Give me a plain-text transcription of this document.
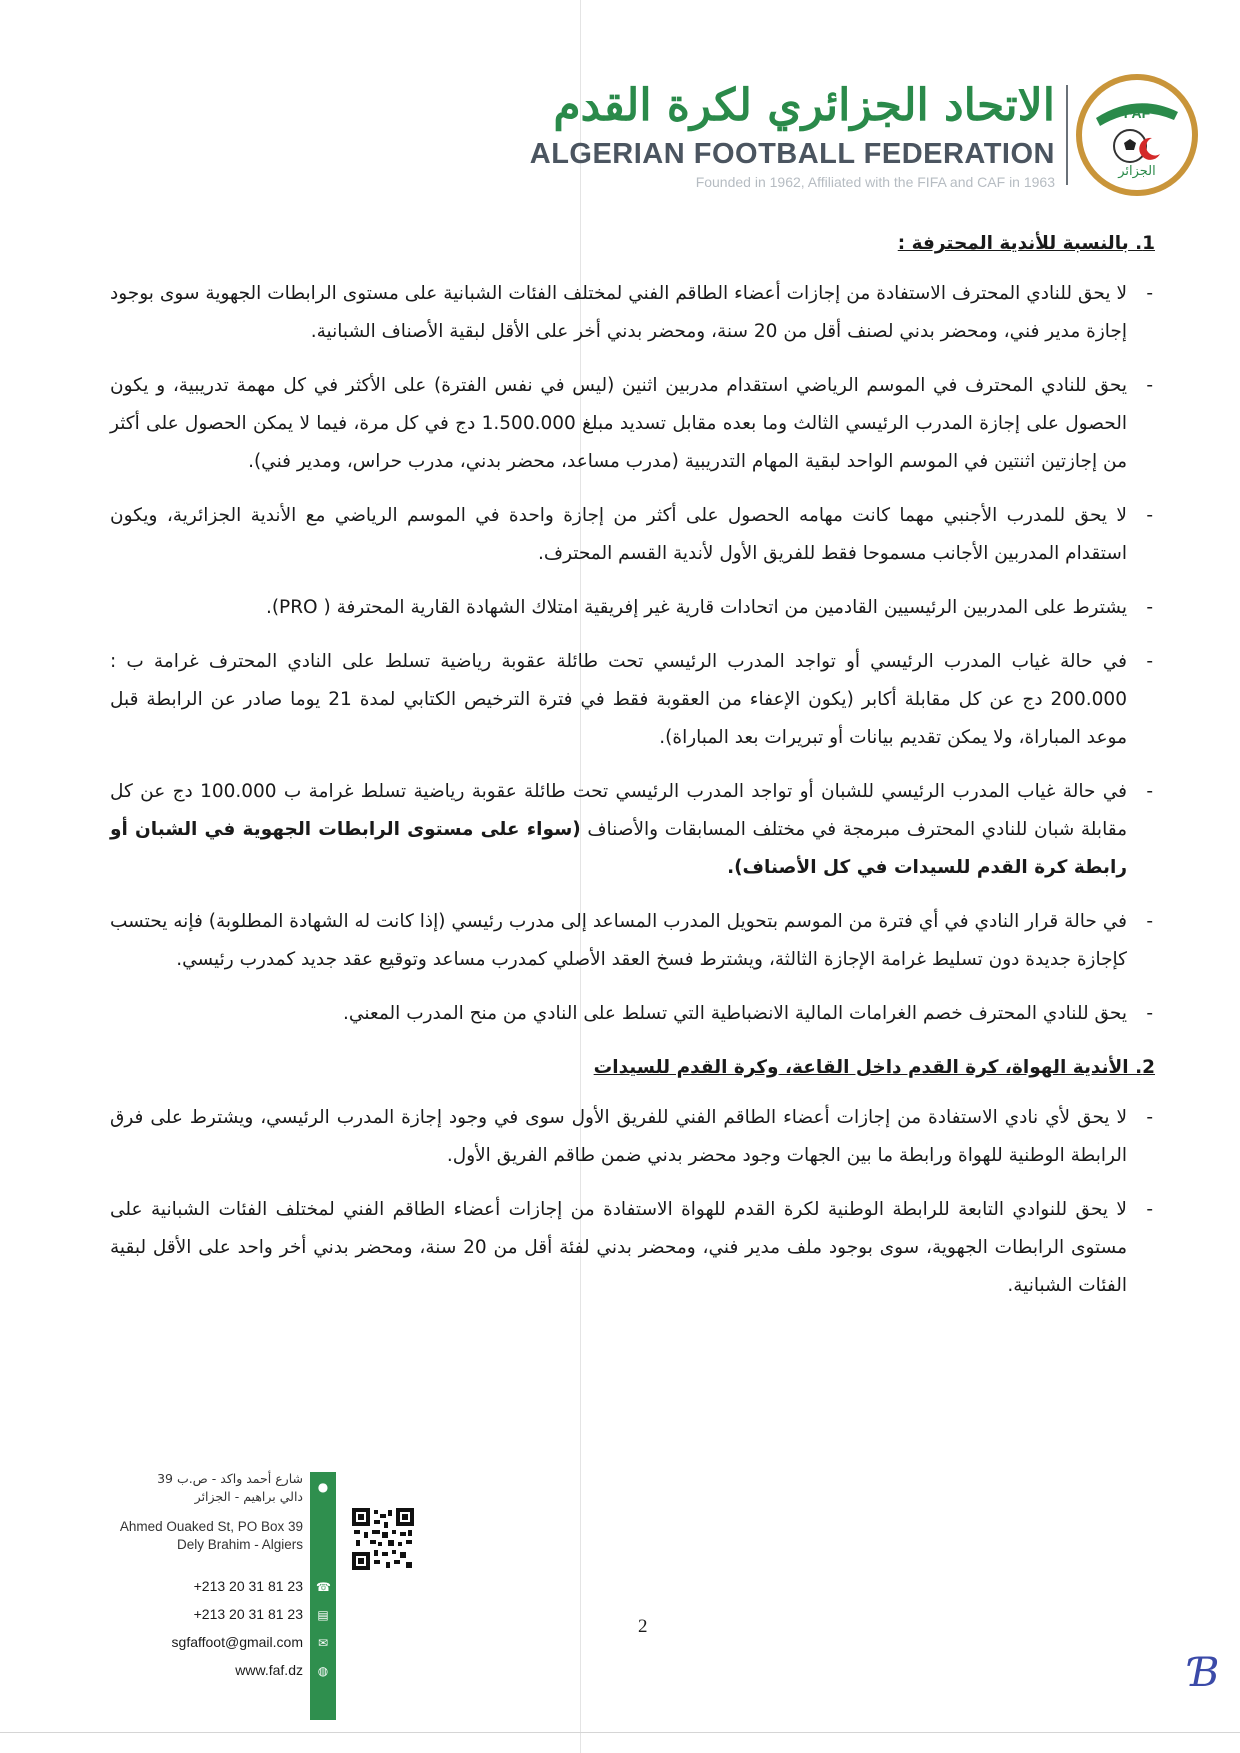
الاتحاد الجزائري لكرة القدم
ALGERIAN FOOTBALL FEDERATION
Founded in 1962, Affiliated with the FIFA and CAF in 1963
FAF
الجزائر
1. بالنسبة للأندية المحترفة :
-
لا يحق للنادي المحترف الاستفادة من إجازات أعضاء الطاقم الفني لمختلف الفئات الشبانية على مستوى الرابطات الجهوية سوى بوجود إجازة مدير فني، ومحضر بدني لصنف أقل من 20 سنة، ومحضر بدني أخر على الأقل لبقية الأصناف الشبانية.
-
يحق للنادي المحترف في الموسم الرياضي استقدام مدربين اثنين (ليس في نفس الفترة) على الأكثر في كل مهمة تدريبية، و يكون الحصول على إجازة المدرب الرئيسي الثالث وما بعده مقابل تسديد مبلغ 1.500.000 دج في كل مرة، فيما لا يمكن الحصول على أكثر من إجازتين اثنتين في الموسم الواحد لبقية المهام التدريبية (مدرب مساعد، محضر بدني، مدرب حراس، ومدير فني).
-
لا يحق للمدرب الأجنبي مهما كانت مهامه الحصول على أكثر من إجازة واحدة في الموسم الرياضي مع الأندية الجزائرية، ويكون استقدام المدربين الأجانب مسموحا فقط للفريق الأول لأندية القسم المحترف.
-
يشترط على المدربين الرئيسيين القادمين من اتحادات قارية غير إفريقية امتلاك الشهادة القارية المحترفة ( PRO).
-
في حالة غياب المدرب الرئيسي أو تواجد المدرب الرئيسي تحت طائلة عقوبة رياضية تسلط على النادي المحترف غرامة ب : 200.000 دج عن كل مقابلة أكابر (يكون الإعفاء من العقوبة فقط في فترة الترخيص الكتابي لمدة 21 يوما صادر عن الرابطة قبل موعد المباراة، ولا يمكن تقديم بيانات أو تبريرات بعد المباراة).
-
في حالة غياب المدرب الرئيسي للشبان أو تواجد المدرب الرئيسي تحت طائلة عقوبة رياضية تسلط غرامة ب 100.000 دج عن كل مقابلة شبان للنادي المحترف مبرمجة في مختلف المسابقات والأصناف (سواء على مستوى الرابطات الجهوية في الشبان أو رابطة كرة القدم للسيدات في كل الأصناف).
-
في حالة قرار النادي في أي فترة من الموسم بتحويل المدرب المساعد إلى مدرب رئيسي (إذا كانت له الشهادة المطلوبة) فإنه يحتسب كإجازة جديدة دون تسليط غرامة الإجازة الثالثة، ويشترط فسخ العقد الأصلي كمدرب مساعد وتوقيع عقد جديد كمدرب رئيسي.
-
يحق للنادي المحترف خصم الغرامات المالية الانضباطية التي تسلط على النادي من منح المدرب المعني.
2. الأندية الهواة، كرة القدم داخل القاعة، وكرة القدم للسيدات
-
لا يحق لأي نادي الاستفادة من إجازات أعضاء الطاقم الفني للفريق الأول سوى في وجود إجازة المدرب الرئيسي، ويشترط على فرق الرابطة الوطنية للهواة ورابطة ما بين الجهات وجود محضر بدني ضمن طاقم الفريق الأول.
-
لا يحق للنوادي التابعة للرابطة الوطنية لكرة القدم للهواة الاستفادة من إجازات أعضاء الطاقم الفني لمختلف الفئات الشبانية على مستوى الرابطات الجهوية، سوى بوجود ملف مدير فني، ومحضر بدني لفئة أقل من 20 سنة، ومحضر بدني أخر واحد على الأقل لبقية الفئات الشبانية.
شارع أحمد واكد - ص.ب 39
دالي براهيم - الجزائر
Ahmed Ouaked St, PO Box 39
Dely Brahim - Algiers
+213 20 31 81 23
+213 20 31 81 23
sgfaffoot@gmail.com
www.faf.dz
●
☎
▤
✉
◍
2
Ɓ
